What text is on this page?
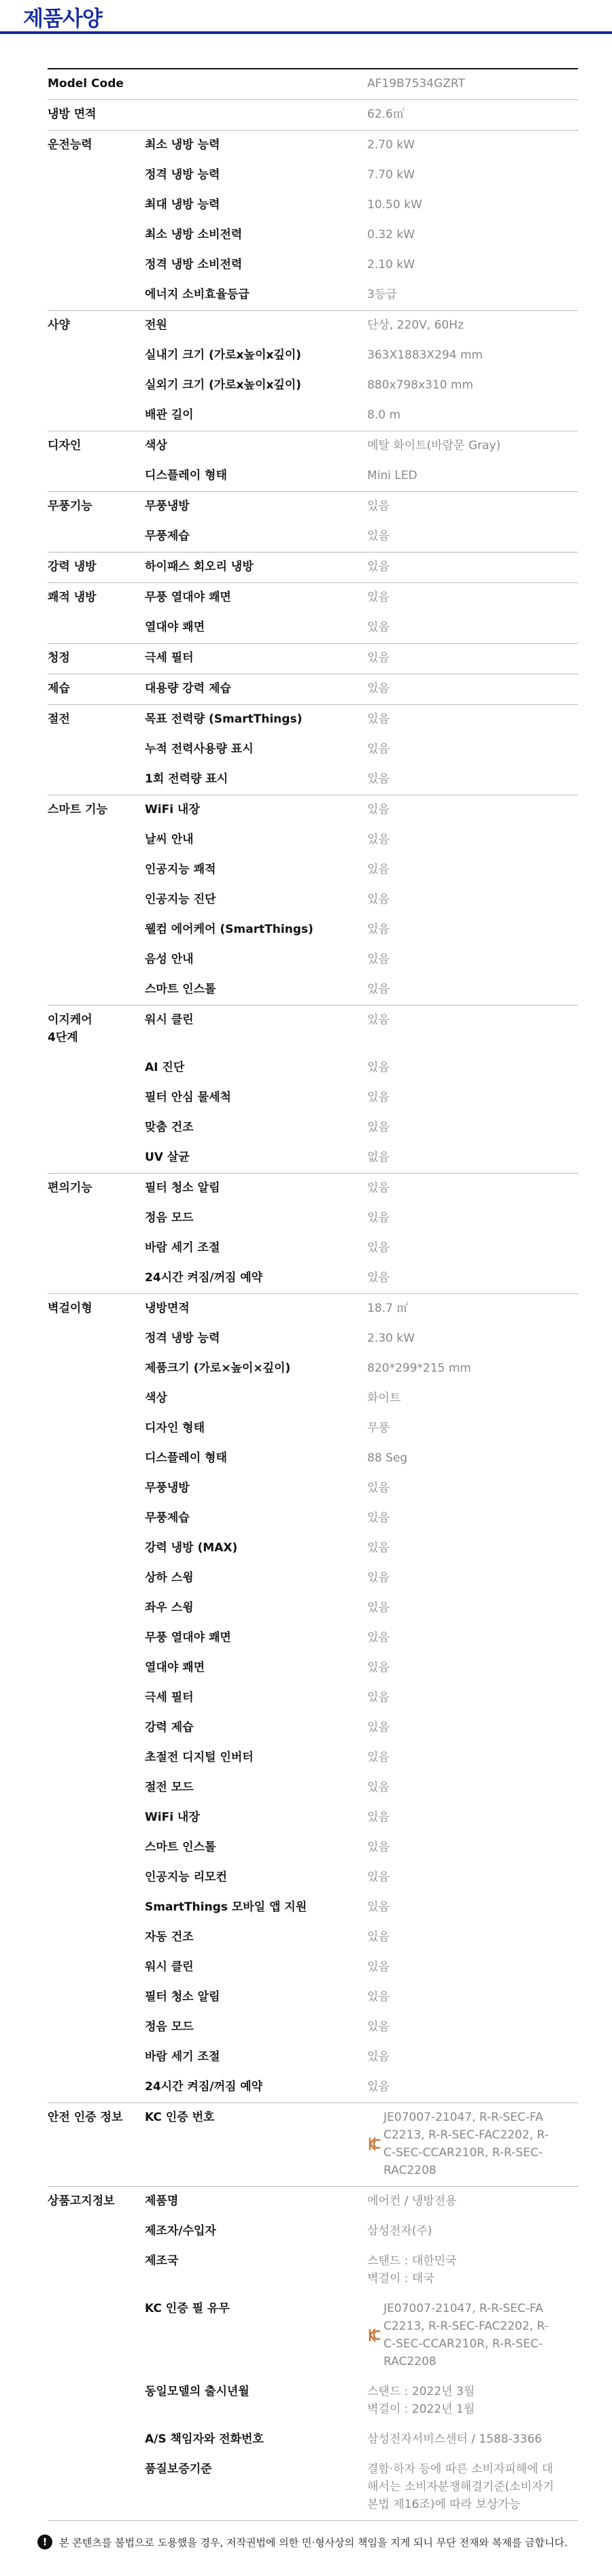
제품사양
Model Code		AF19B7534GZRT
냉방 면적		62.6㎡
운전능력	최소 냉방 능력	2.70 kW
	정격 냉방 능력	7.70 kW
	최대 냉방 능력	10.50 kW
	최소 냉방 소비전력	0.32 kW
	정격 냉방 소비전력	2.10 kW
	에너지 소비효율등급	3등급
사양	전원	단상, 220V, 60Hz
	실내기 크기 (가로x높이x깊이)	363X1883X294 mm
	실외기 크기 (가로x높이x깊이)	880x798x310 mm
	배관 길이	8.0 m
디자인	색상	메탈 화이트(바람문 Gray)
	디스플레이 형태	Mini LED
무풍기능	무풍냉방	있음
	무풍제습	있음
강력 냉방	하이패스 회오리 냉방	있음
쾌적 냉방	무풍 열대야 쾌면	있음
	열대야 쾌면	있음
청정	극세 필터	있음
제습	대용량 강력 제습	있음
절전	목표 전력량 (SmartThings)	있음
	누적 전력사용량 표시	있음
	1회 전력량 표시	있음
스마트 기능	WiFi 내장	있음
	날씨 안내	있음
	인공지능 쾌적	있음
	인공지능 진단	있음
	웰컴 에어케어 (SmartThings)	있음
	음성 안내	있음
	스마트 인스톨	있음
이지케어
4단계	워시 클린	있음
	AI 진단	있음
	필터 안심 물세척	있음
	맞춤 건조	있음
	UV 살균	없음
편의기능	필터 청소 알림	있음
	정음 모드	있음
	바람 세기 조절	있음
	24시간 켜짐/꺼짐 예약	있음
벽걸이형	냉방면적	18.7 ㎡
	정격 냉방 능력	2.30 kW
	제품크기 (가로×높이×깊이)	820*299*215 mm
	색상	화이트
	디자인 형태	무풍
	디스플레이 형태	88 Seg
	무풍냉방	있음
	무풍제습	있음
	강력 냉방 (MAX)	있음
	상하 스윙	있음
	좌우 스윙	있음
	무풍 열대야 쾌면	있음
	열대야 쾌면	있음
	극세 필터	있음
	강력 제습	있음
	초절전 디지털 인버터	있음
	절전 모드	있음
	WiFi 내장	있음
	스마트 인스톨	있음
	인공지능 리모컨	있음
	SmartThings 모바일 앱 지원	있음
	자동 건조	있음
	워시 클린	있음
	필터 청소 알림	있음
	정음 모드	있음
	바람 세기 조절	있음
	24시간 켜짐/꺼짐 예약	있음
안전 인증 정보	KC 인증 번호	JE07007-21047, R-R-SEC-FA
C2213, R-R-SEC-FAC2202, R-
C-SEC-CCAR210R, R-R-SEC-
RAC2208

상품고지정보	제품명	에어컨 / 냉방전용
	제조자/수입자	삼성전자(주)
	제조국	스탠드 : 대한민국
벽걸이 : 태국
	KC 인증 필 유무	JE07007-21047, R-R-SEC-FA
C2213, R-R-SEC-FAC2202, R-
C-SEC-CCAR210R, R-R-SEC-
RAC2208

	동일모델의 출시년월	스탠드 : 2022년 3월
벽걸이 : 2022년 1월
	A/S 책임자와 전화번호	삼성전자서비스센터 / 1588-3366
	품질보증기준	결함·하자 등에 따른 소비자피해에 대
해서는 소비자분쟁해결기준(소비자기
본법 제16조)에 따라 보상가능
!	본 콘텐츠를 불법으로 도용했을 경우, 저작권법에 의한 민·형사상의 책임을 지게 되니 무단 전재와 복제를 금합니다.
